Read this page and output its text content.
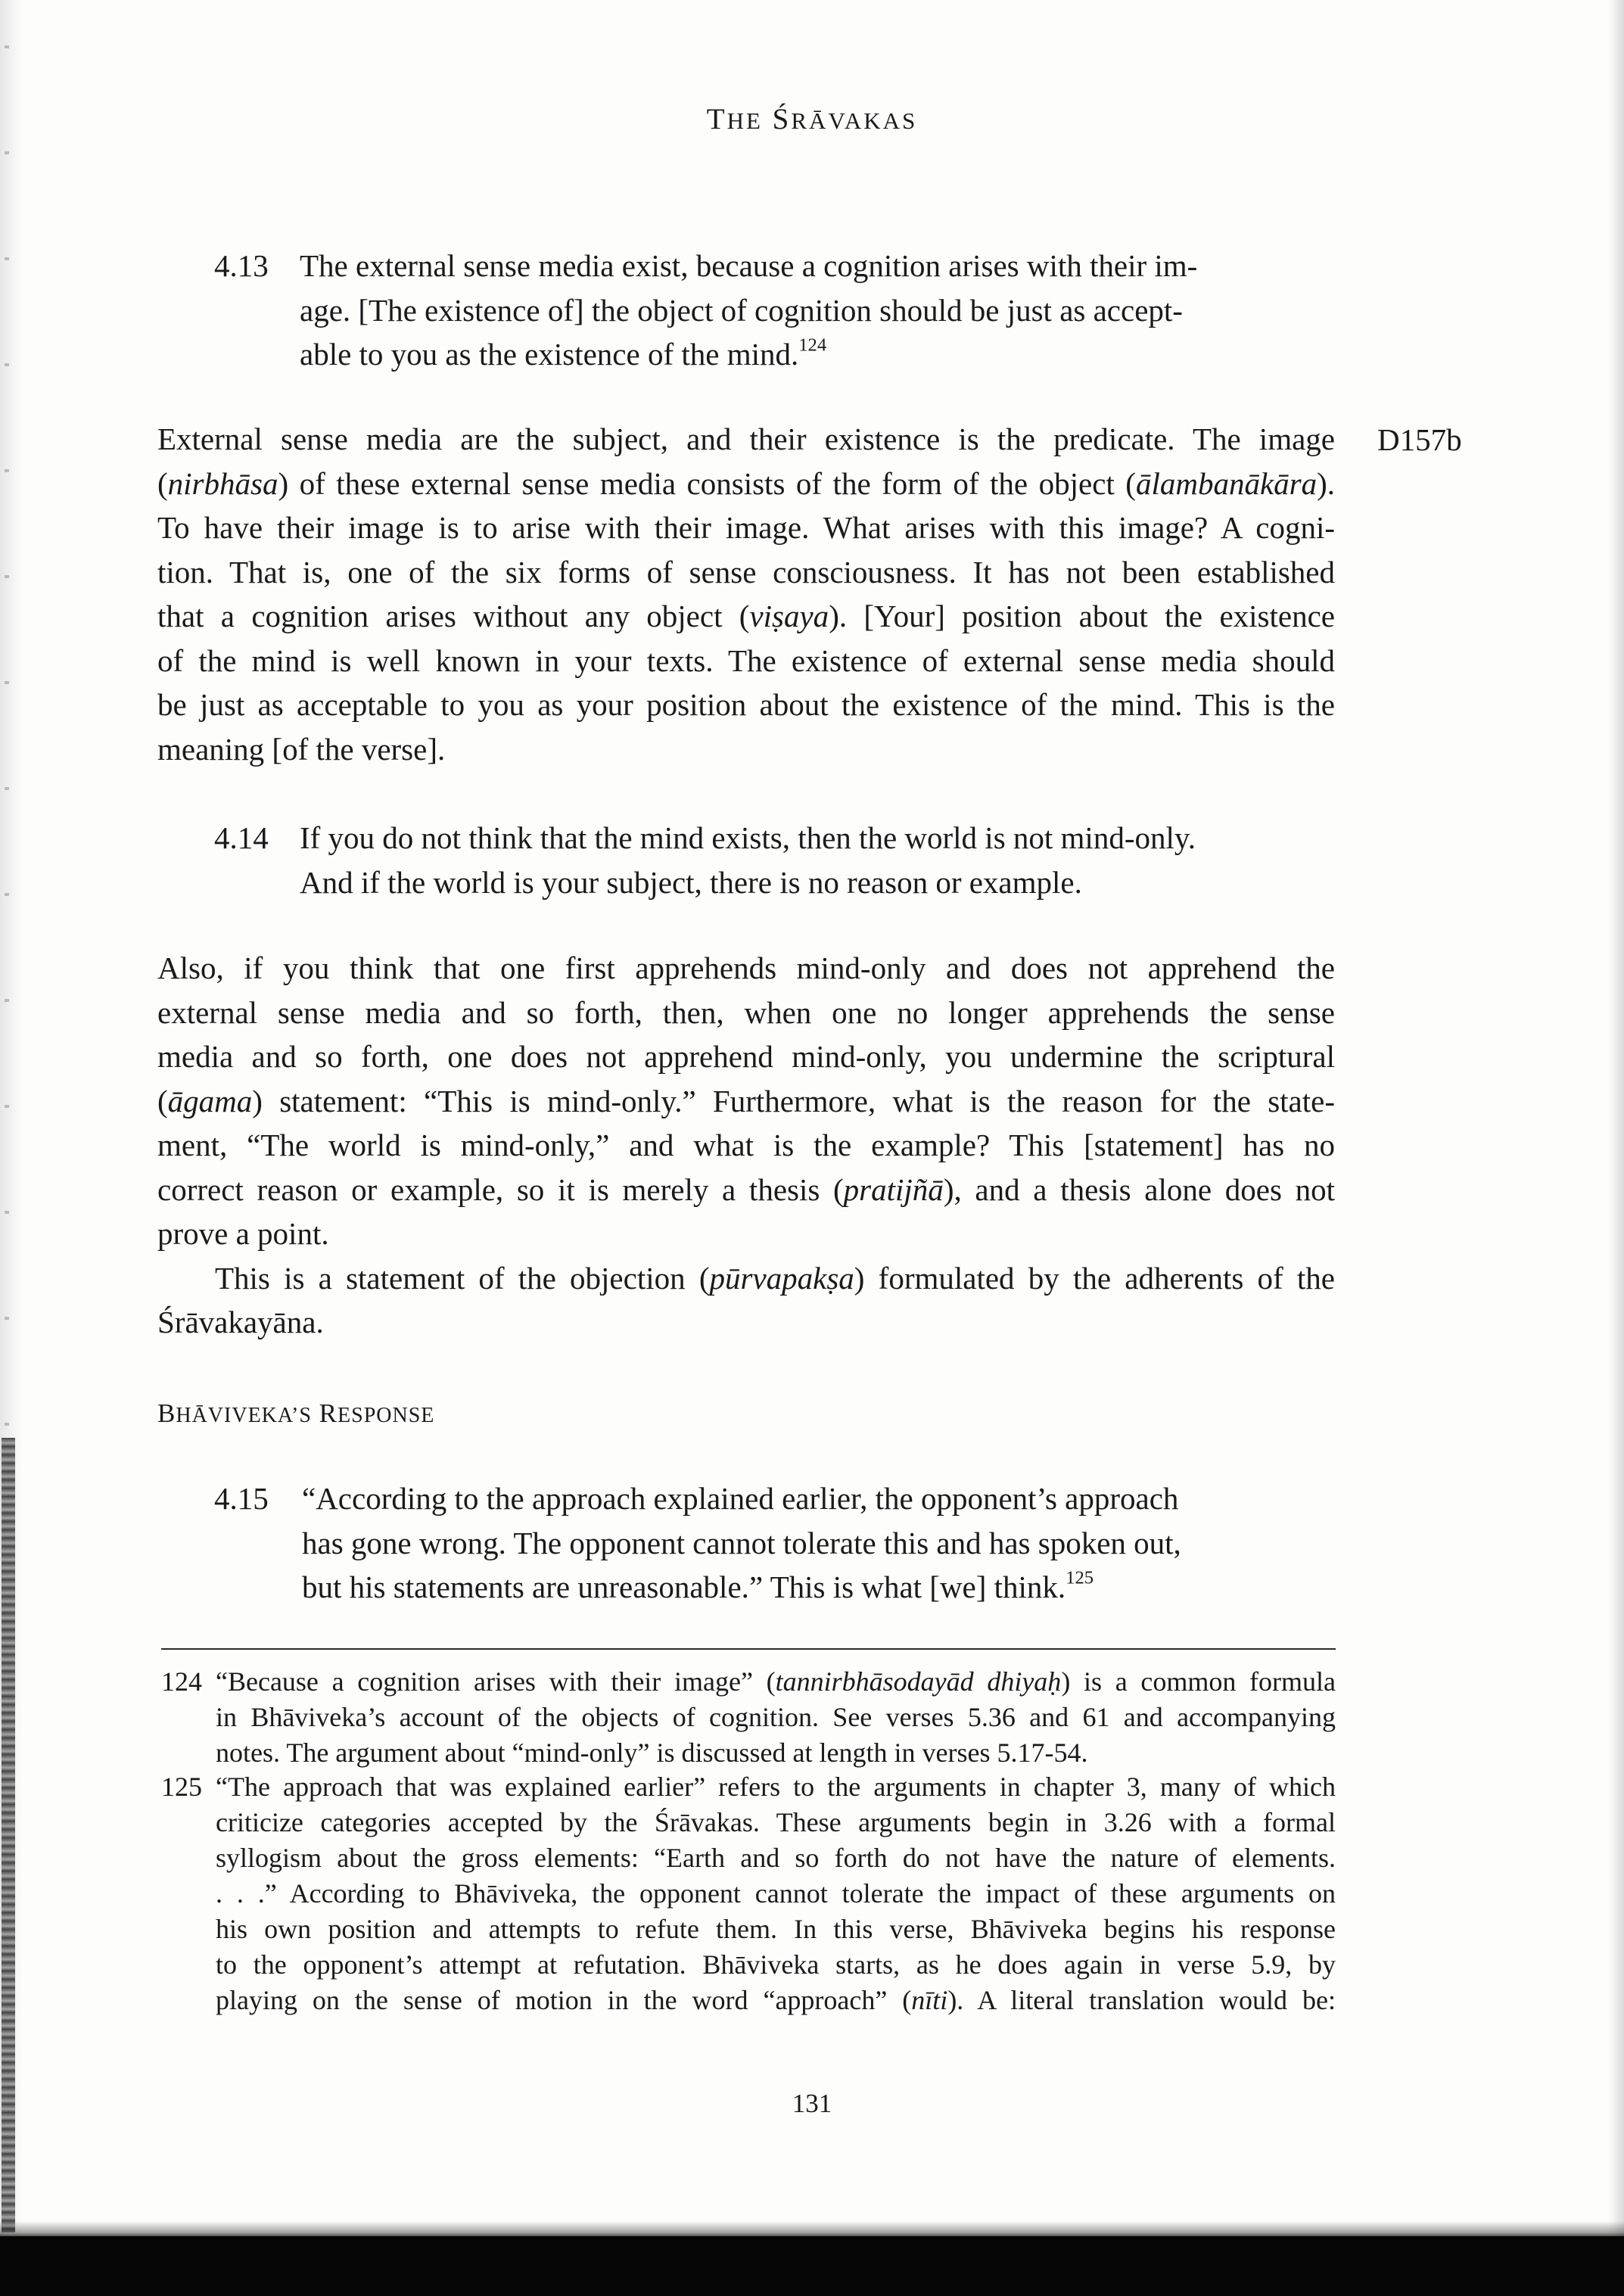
THE ŚRĀVAKAS
4.13 The external sense media exist, because a cognition arises with their im-
age. [The existence of] the object of cognition should be just as accept-
able to you as the existence of the mind.$^{124}$
D157b
External sense media are the subject, and their existence is the predicate. The image
(nirbhāsa) of these external sense media consists of the form of the object (ālambanākāra).
To have their image is to arise with their image. What arises with this image? A cogni-
tion. That is, one of the six forms of sense consciousness. It has not been established
that a cognition arises without any object (viṣaya). [Your] position about the existence
of the mind is well known in your texts. The existence of external sense media should
be just as acceptable to you as your position about the existence of the mind. This is the
meaning [of the verse].
4.14 If you do not think that the mind exists, then the world is not mind-only.
And if the world is your subject, there is no reason or example.
Also, if you think that one first apprehends mind-only and does not apprehend the
external sense media and so forth, then, when one no longer apprehends the sense
media and so forth, one does not apprehend mind-only, you undermine the scriptural
(āgama) statement: “This is mind-only.” Furthermore, what is the reason for the state-
ment, “The world is mind-only,” and what is the example? This [statement] has no
correct reason or example, so it is merely a thesis (pratijñā), and a thesis alone does not
prove a point.
This is a statement of the objection (pūrvapakṣa) formulated by the adherents of the
Śrāvakayāna.
BHĀVIVEKA’S RESPONSE
4.15 “According to the approach explained earlier, the opponent’s approach
has gone wrong. The opponent cannot tolerate this and has spoken out,
but his statements are unreasonable.” This is what [we] think.$^{125}$
124 “Because a cognition arises with their image” (tannirbhāsodayād dhiyaḥ) is a common formula
in Bhāviveka’s account of the objects of cognition. See verses 5.36 and 61 and accompanying
notes. The argument about “mind-only” is discussed at length in verses 5.17-54.
125 “The approach that was explained earlier” refers to the arguments in chapter 3, many of which
criticize categories accepted by the Śrāvakas. These arguments begin in 3.26 with a formal
syllogism about the gross elements: “Earth and so forth do not have the nature of elements.
. . .” According to Bhāviveka, the opponent cannot tolerate the impact of these arguments on
his own position and attempts to refute them. In this verse, Bhāviveka begins his response
to the opponent’s attempt at refutation. Bhāviveka starts, as he does again in verse 5.9, by
playing on the sense of motion in the word “approach” (nīti). A literal translation would be:
131
